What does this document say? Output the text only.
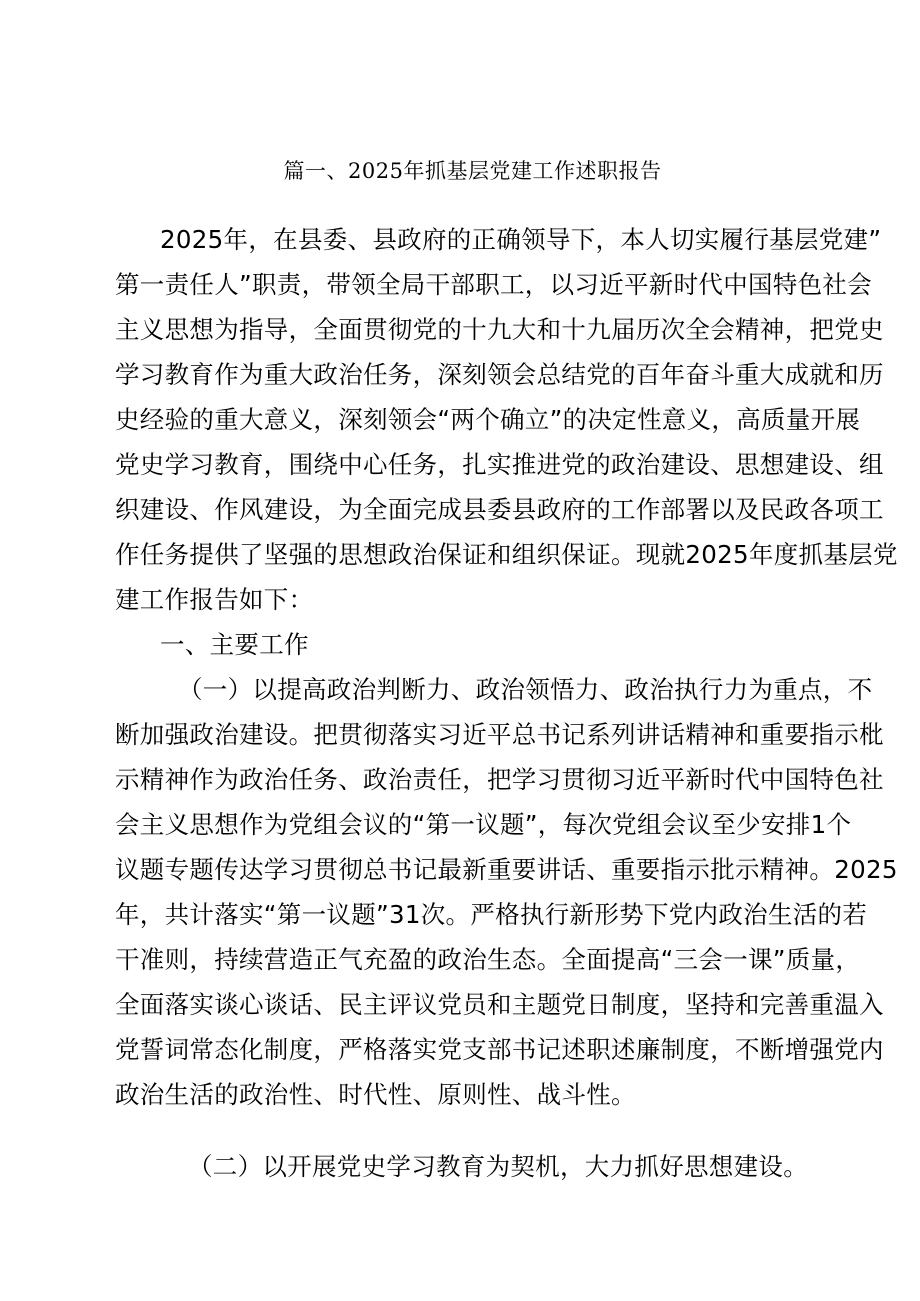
篇一、2025年抓基层党建工作述职报告
2025年，在县委、县政府的正确领导下，本人切实履行基层党建”
第一责任人”职责，带领全局干部职工，以习近平新时代中国特色社会
主义思想为指导，全面贯彻党的十九大和十九届历次全会精神，把党史
学习教育作为重大政治任务，深刻领会总结党的百年奋斗重大成就和历
史经验的重大意义，深刻领会“两个确立”的决定性意义，高质量开展
党史学习教育，围绕中心任务，扎实推进党的政治建设、思想建设、组
织建设、作风建设，为全面完成县委县政府的工作部署以及民政各项工
作任务提供了坚强的思想政治保证和组织保证。现就2025年度抓基层党
建工作报告如下：
一、主要工作
（一）以提高政治判断力、政治领悟力、政治执行力为重点，不
断加强政治建设。把贯彻落实习近平总书记系列讲话精神和重要指示枇
示精神作为政治任务、政治责任，把学习贯彻习近平新时代中国特色社
会主义思想作为党组会议的“第一议题”，每次党组会议至少安排1个
议题专题传达学习贯彻总书记最新重要讲话、重要指示批示精神。2025
年，共计落实“第一议题”31次。严格执行新形势下党内政治生活的若
干准则，持续营造正气充盈的政治生态。全面提高“三会一课”质量，
全面落实谈心谈话、民主评议党员和主题党日制度，坚持和完善重温入
党誓词常态化制度，严格落实党支部书记述职述廉制度，不断增强党内
政治生活的政治性、时代性、原则性、战斗性。
（二）以开展党史学习教育为契机，大力抓好思想建设。
